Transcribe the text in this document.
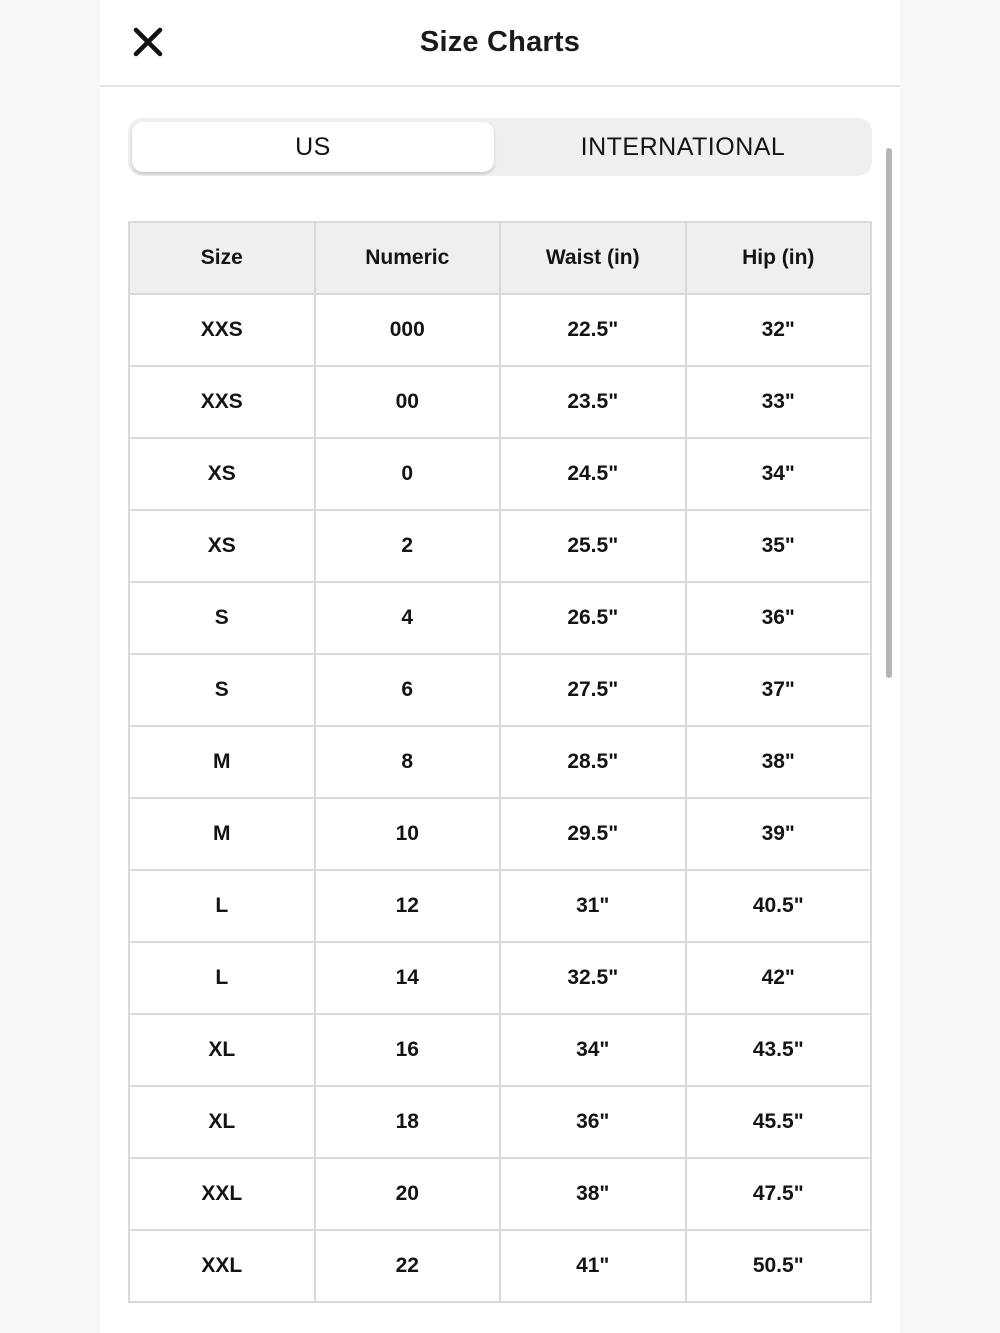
Size Charts
US	INTERNATIONAL
Size	Numeric	Waist (in)	Hip (in)
XXS	000	22.5"	32"
XXS	00	23.5"	33"
XS	0	24.5"	34"
XS	2	25.5"	35"
S	4	26.5"	36"
S	6	27.5"	37"
M	8	28.5"	38"
M	10	29.5"	39"
L	12	31"	40.5"
L	14	32.5"	42"
XL	16	34"	43.5"
XL	18	36"	45.5"
XXL	20	38"	47.5"
XXL	22	41"	50.5"
